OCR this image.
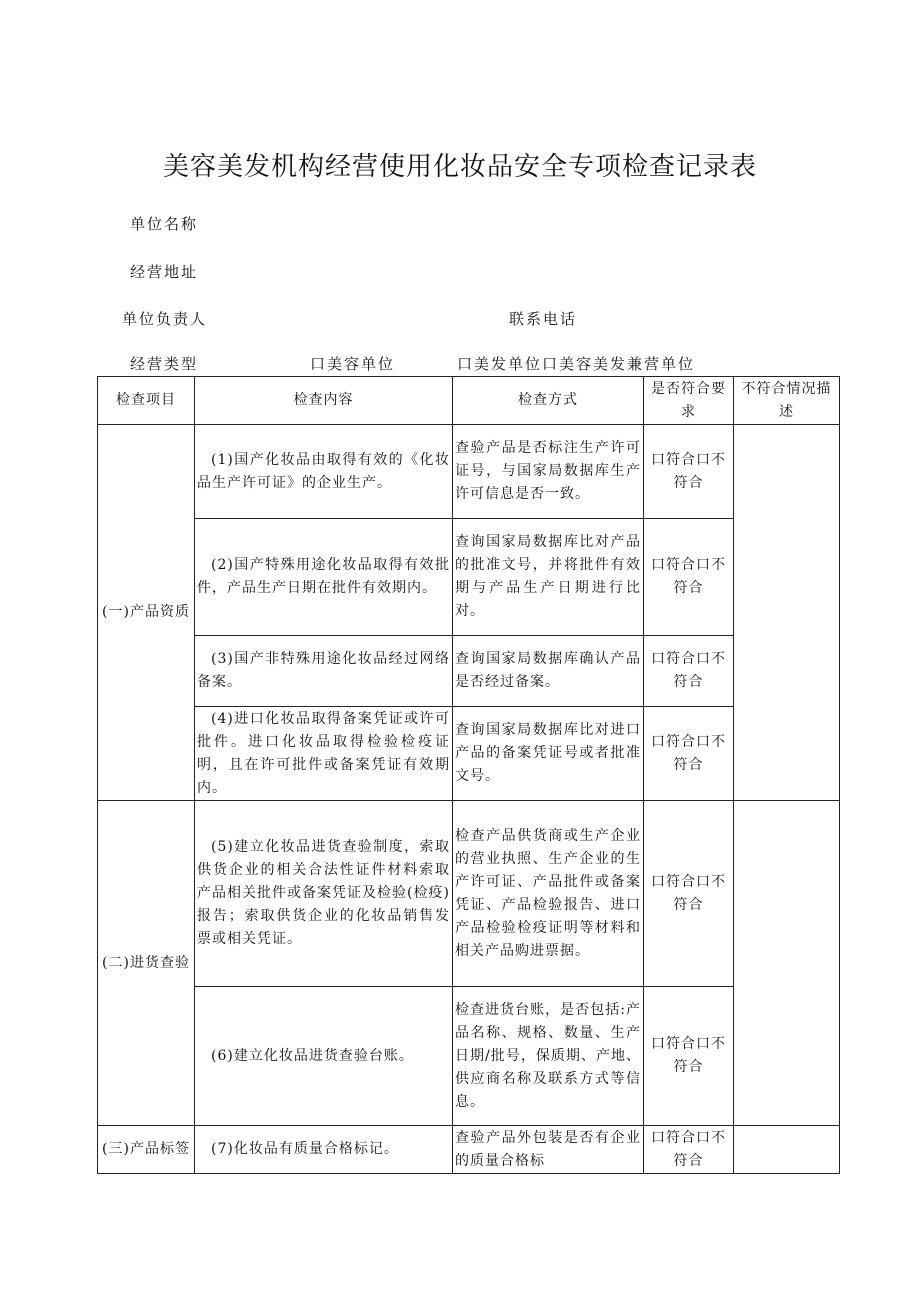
美容美发机构经营使用化妆品安全专项检查记录表
单位名称
经营地址
单位负责人	联系电话
经营类型	口美容单位	口美发单位口美容美发兼营单位
检查项目	检查内容	检查方式	是否符合要求	不符合情况描述
(一)产品资质	(1)国产化妆品由取得有效的《化妆品生产许可证》的企业生产。	查验产品是否标注生产许可证号，与国家局数据库生产许可信息是否一致。	口符合口不符合	
	(2)国产特殊用途化妆品取得有效批件，产品生产日期在批件有效期内。	查询国家局数据库比对产品的批准文号，并将批件有效期与产品生产日期进行比对。	口符合口不符合	
	(3)国产非特殊用途化妆品经过网络备案。	查询国家局数据库确认产品是否经过备案。	口符合口不符合	
	(4)进口化妆品取得备案凭证或许可批件。进口化妆品取得检验检疫证明，且在许可批件或备案凭证有效期内。	查询国家局数据库比对进口产品的备案凭证号或者批准文号。	口符合口不符合	
(二)进货查验	(5)建立化妆品进货查验制度，索取供货企业的相关合法性证件材料索取产品相关批件或备案凭证及检验(检疫)报告；索取供货企业的化妆品销售发票或相关凭证。	检查产品供货商或生产企业的营业执照、生产企业的生产许可证、产品批件或备案凭证、产品检验报告、进口产品检验检疫证明等材料和相关产品购进票据。	口符合口不符合	
	(6)建立化妆品进货查验台账。	检查进货台账，是否包括:产品名称、规格、数量、生产日期/批号，保质期、产地、供应商名称及联系方式等信息。	口符合口不符合	
(三)产品标签	(7)化妆品有质量合格标记。	查验产品外包装是否有企业的质量合格标	口符合口不符合	
